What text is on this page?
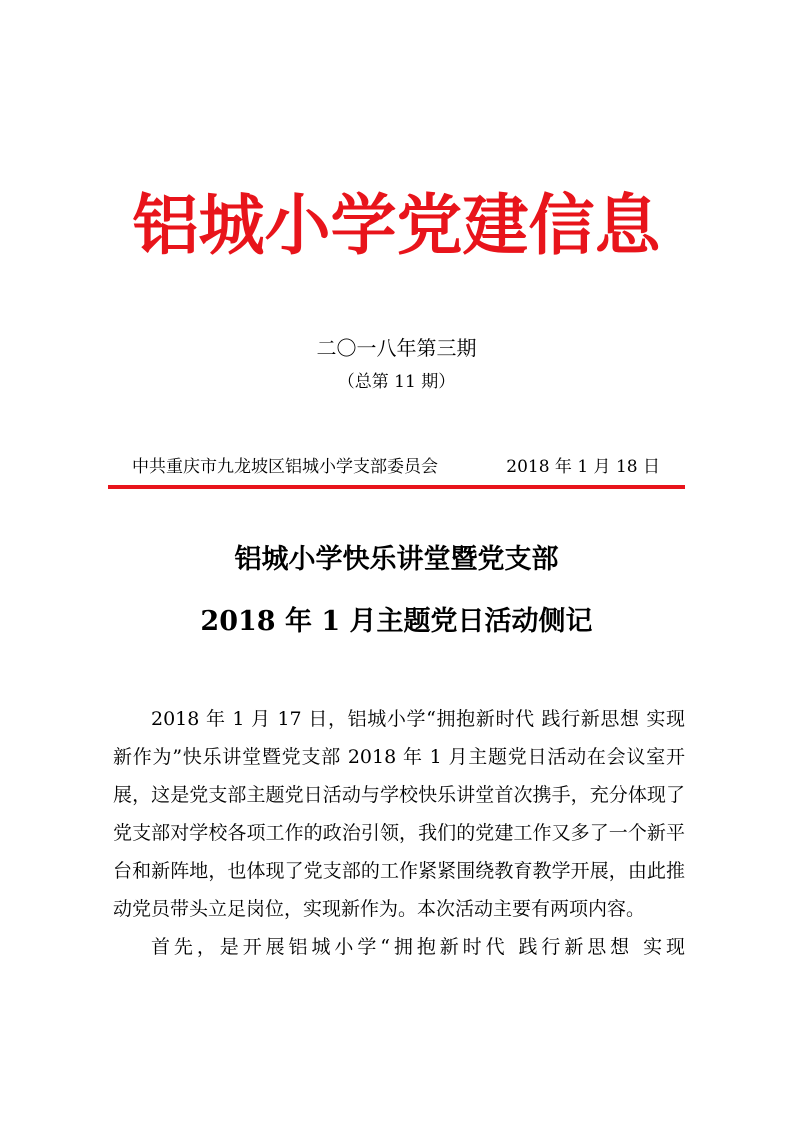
铝城小学党建信息
二〇一八年第三期
（总第 11 期）
中共重庆市九龙坡区铝城小学支部委员会	2018 年 1 月 18 日
铝城小学快乐讲堂暨党支部
2018 年 1 月主题党日活动侧记

2018 年 1 月 17 日，铝城小学“拥抱新时代 践行新思想 实现新作为”快乐讲堂暨党支部 2018 年 1 月主题党日活动在会议室开展，这是党支部主题党日活动与学校快乐讲堂首次携手，充分体现了党支部对学校各项工作的政治引领，我们的党建工作又多了一个新平台和新阵地，也体现了党支部的工作紧紧围绕教育教学开展，由此推动党员带头立足岗位，实现新作为。本次活动主要有两项内容。

首先，是开展铝城小学“拥抱新时代 践行新思想 实现
